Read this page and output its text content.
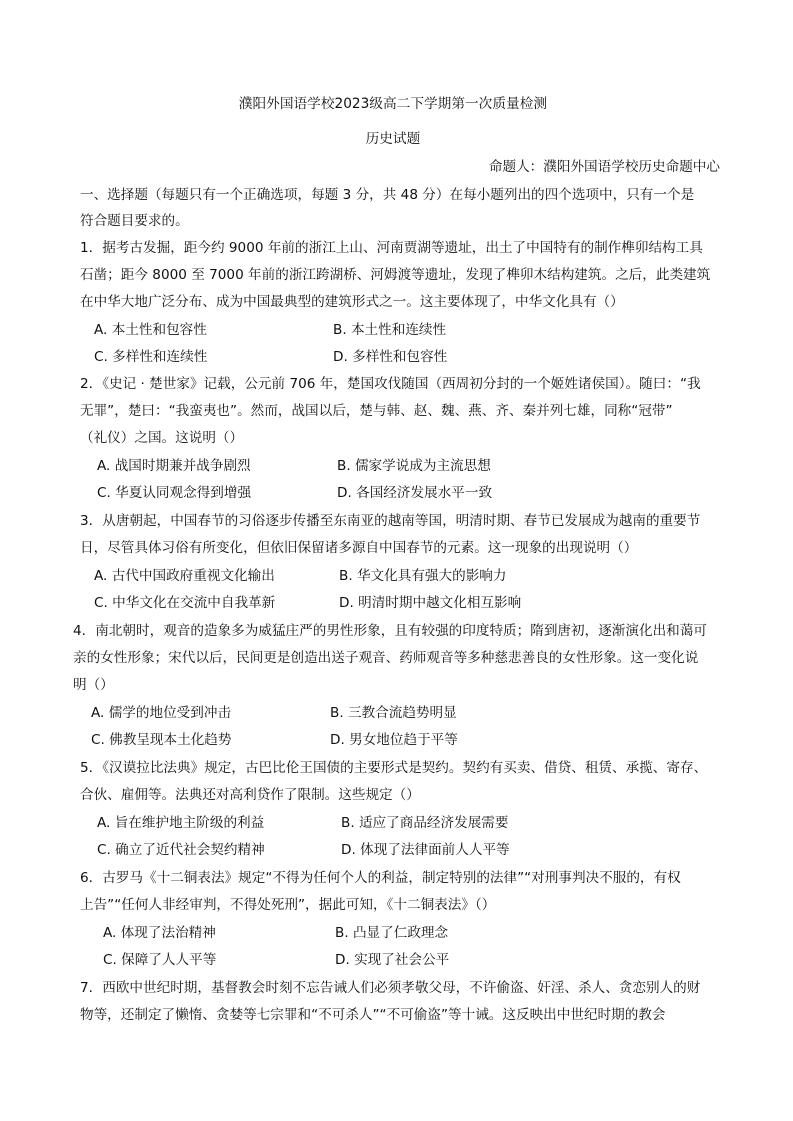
濮阳外国语学校2023级高二下学期第一次质量检测
历史试题
命题人：濮阳外国语学校历史命题中心
一、选择题（每题只有一个正确选项，每题 3 分，共 48 分）在每小题列出的四个选项中，只有一个是
符合题目要求的。
1．据考古发掘，距今约 9000 年前的浙江上山、河南贾湖等遗址，出土了中国特有的制作榫卯结构工具
石凿；距今 8000 至 7000 年前的浙江跨湖桥、河姆渡等遗址，发现了榫卯木结构建筑。之后，此类建筑
在中华大地广泛分布、成为中国最典型的建筑形式之一。这主要体现了，中华文化具有（）
A. 本土性和包容性	B. 本土性和连续性
C. 多样性和连续性	D. 多样性和包容性
2．《史记 · 楚世家》记载，公元前 706 年，楚国攻伐随国（西周初分封的一个姬姓诸侯国）。随曰：“我
无罪”，楚曰：“我蛮夷也”。然而，战国以后，楚与韩、赵、魏、燕、齐、秦并列七雄，同称“冠带”
（礼仪）之国。这说明（）
A. 战国时期兼并战争剧烈	B. 儒家学说成为主流思想
C. 华夏认同观念得到增强	D. 各国经济发展水平一致
3．从唐朝起，中国春节的习俗逐步传播至东南亚的越南等国，明清时期、春节已发展成为越南的重要节
日，尽管具体习俗有所变化，但依旧保留诸多源自中国春节的元素。这一现象的出现说明（）
A. 古代中国政府重视文化输出	B. 华文化具有强大的影响力
C. 中华文化在交流中自我革新	D. 明清时期中越文化相互影响
4．南北朝时，观音的造象多为威猛庄严的男性形象，且有较强的印度特质；隋到唐初，逐渐演化出和蔼可
亲的女性形象；宋代以后，民间更是创造出送子观音、药师观音等多种慈悲善良的女性形象。这一变化说
明（）
A. 儒学的地位受到冲击	B. 三教合流趋势明显
C. 佛教呈现本土化趋势	D. 男女地位趋于平等
5．《汉谟拉比法典》规定，古巴比伦王国债的主要形式是契约。契约有买卖、借贷、租赁、承揽、寄存、
合伙、雇佣等。法典还对高利贷作了限制。这些规定（）
A. 旨在维护地主阶级的利益	B. 适应了商品经济发展需要
C. 确立了近代社会契约精神	D. 体现了法律面前人人平等
6．古罗马《十二铜表法》规定“不得为任何个人的利益，制定特别的法律”“对刑事判决不服的，有权
上告”“任何人非经审判，不得处死刑”，据此可知，《十二铜表法》（）
A. 体现了法治精神	B. 凸显了仁政理念
C. 保障了人人平等	D. 实现了社会公平
7．西欧中世纪时期，基督教会时刻不忘告诫人们必须孝敬父母，不许偷盗、奸淫、杀人、贪恋别人的财
物等，还制定了懒惰、贪婪等七宗罪和“不可杀人”“不可偷盗”等十诫。这反映出中世纪时期的教会
